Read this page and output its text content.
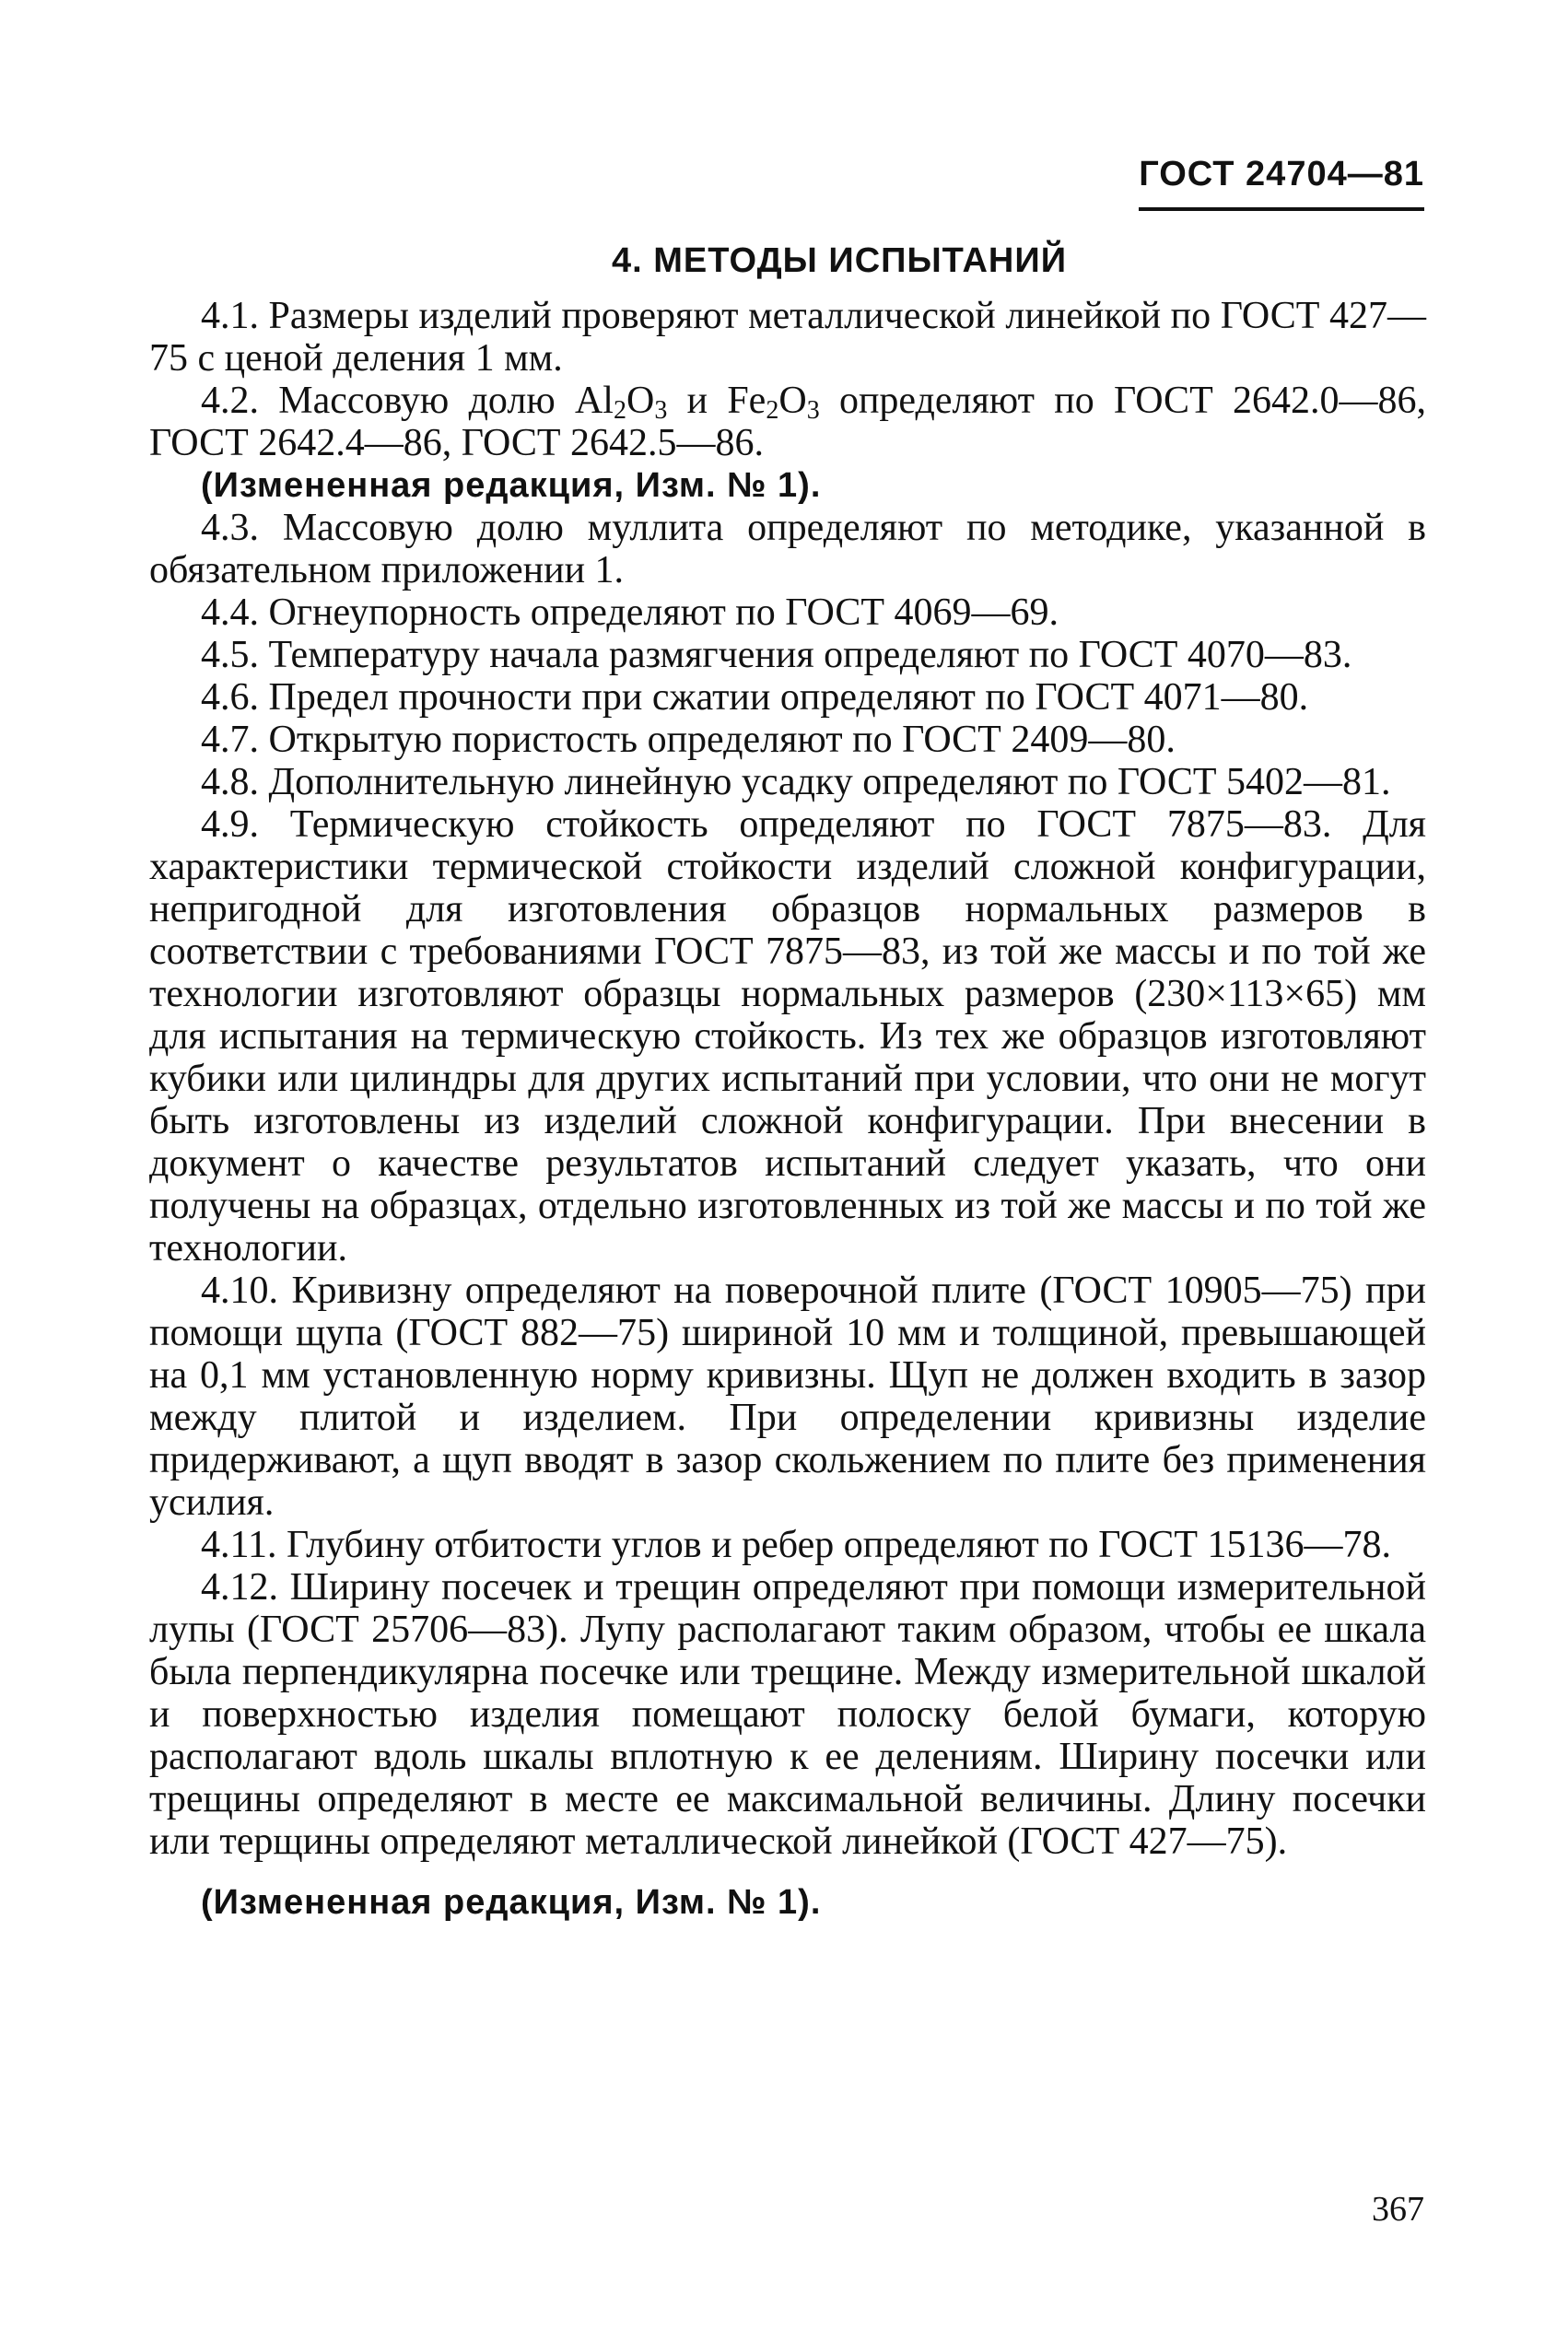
ГОСТ 24704—81
4. МЕТОДЫ ИСПЫТАНИЙ

4.1. Размеры изделий проверяют металлической линейкой по ГОСТ 427—75 с ценой деления 1 мм.

4.2. Массовую долю $Al_2O_3$ и $Fe_2O_3$ определяют по ГОСТ 2642.0—86, ГОСТ 2642.4—86, ГОСТ 2642.5—86.

(Измененная редакция, Изм. № 1).

4.3. Массовую долю муллита определяют по методике, указанной в обязательном приложении 1.

4.4. Огнеупорность определяют по ГОСТ 4069—69.

4.5. Температуру начала размягчения определяют по ГОСТ 4070—83.

4.6. Предел прочности при сжатии определяют по ГОСТ 4071—80.

4.7. Открытую пористость определяют по ГОСТ 2409—80.

4.8. Дополнительную линейную усадку определяют по ГОСТ 5402—81.

4.9. Термическую стойкость определяют по ГОСТ 7875—83. Для характеристики термической стойкости изделий сложной конфигурации, непригодной для изготовления образцов нормальных размеров в соответствии с требованиями ГОСТ 7875—83, из той же массы и по той же технологии изготовляют образцы нормальных размеров (230×113×65) мм для испытания на термическую стойкость. Из тех же образцов изготовляют кубики или цилиндры для других испытаний при условии, что они не могут быть изготовлены из изделий сложной конфигурации. При внесении в документ о качестве результатов испытаний следует указать, что они получены на образцах, отдельно изготовленных из той же массы и по той же технологии.

4.10. Кривизну определяют на поверочной плите (ГОСТ 10905—75) при помощи щупа (ГОСТ 882—75) шириной 10 мм и толщиной, превышающей на 0,1 мм установленную норму кривизны. Щуп не должен входить в зазор между плитой и изделием. При определении кривизны изделие придерживают, а щуп вводят в зазор скольжением по плите без применения усилия.

4.11. Глубину отбитости углов и ребер определяют по ГОСТ 15136—78.

4.12. Ширину посечек и трещин определяют при помощи измерительной лупы (ГОСТ 25706—83). Лупу располагают таким образом, чтобы ее шкала была перпендикулярна посечке или трещине. Между измерительной шкалой и поверхностью изделия помещают полоску белой бумаги, которую располагают вдоль шкалы вплотную к ее делениям. Ширину посечки или трещины определяют в месте ее максимальной величины. Длину посечки или терщины определяют металлической линейкой (ГОСТ 427—75).

(Измененная редакция, Изм. № 1).

367
